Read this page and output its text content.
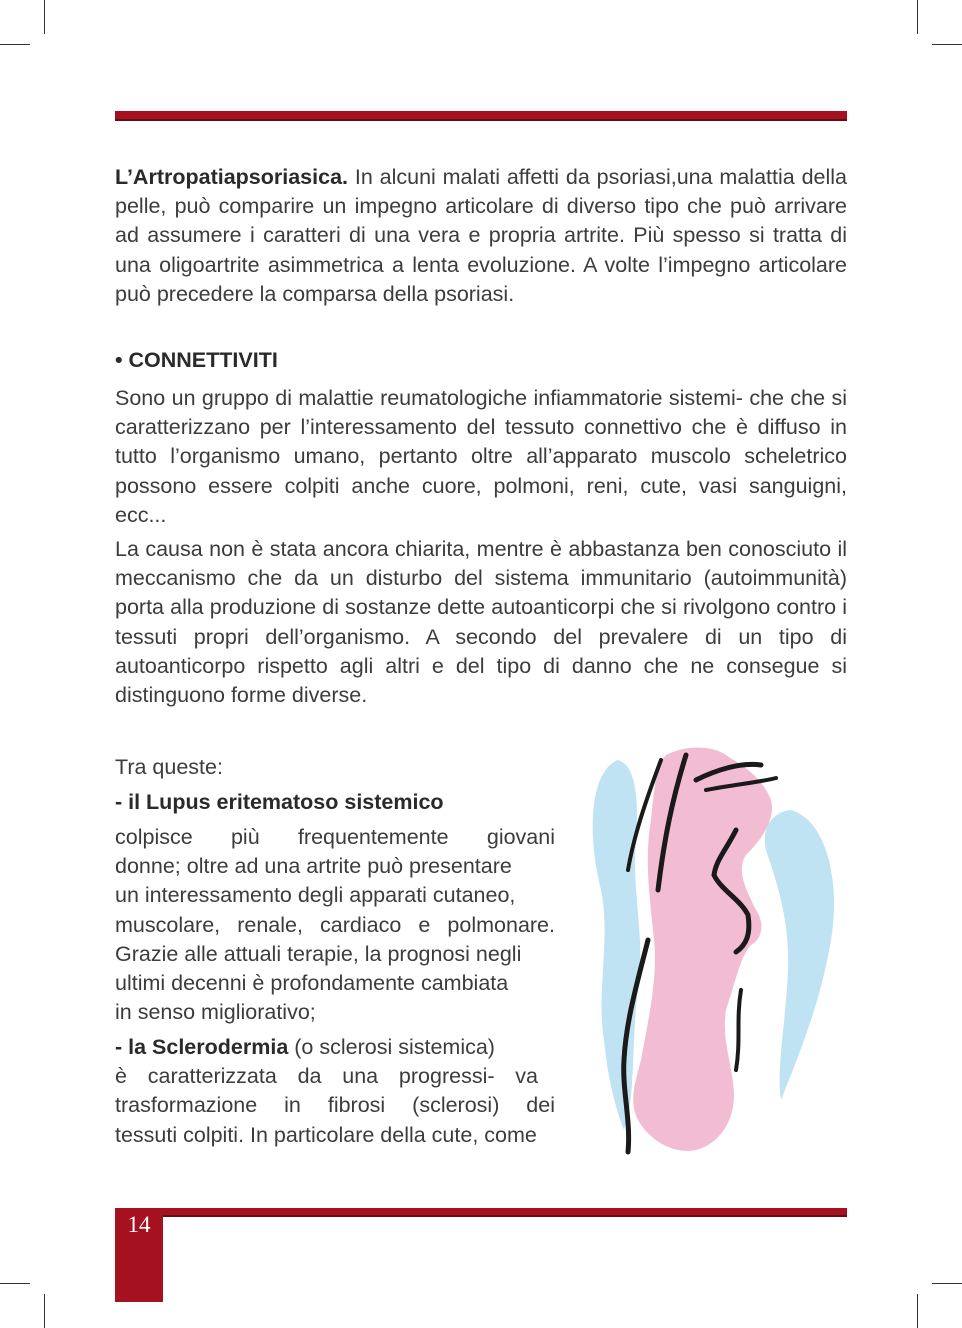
L’Artropatiapsoriasica. In alcuni malati affetti da psoriasi,una malattia della pelle, può comparire un impegno articolare di diverso tipo che può arrivare ad assumere i caratteri di una vera e propria artrite. Più spesso si tratta di una oligoartrite asimmetrica a lenta evoluzione. A volte l’impegno articolare può precedere la comparsa della psoriasi.

• CONNETTIVITI

Sono un gruppo di malattie reumatologiche infiammatorie sistemi- che che si caratterizzano per l’interessamento del tessuto connettivo che è diffuso in tutto l’organismo umano, pertanto oltre all’apparato muscolo scheletrico possono essere colpiti anche cuore, polmoni, reni, cute, vasi sanguigni, ecc...

La causa non è stata ancora chiarita, mentre è abbastanza ben conosciuto il meccanismo che da un disturbo del sistema immunitario (autoimmunità) porta alla produzione di sostanze dette autoanticorpi che si rivolgono contro i tessuti propri dell’organismo. A secondo del prevalere di un tipo di autoanticorpo rispetto agli altri e del tipo di danno che ne consegue si distinguono forme diverse.

Tra queste:
- il Lupus eritematoso sistemico

colpisce più frequentemente giovani

donne; oltre ad una artrite può presentare

un interessamento degli apparati cutaneo,

muscolare, renale, cardiaco e polmonare.

Grazie alle attuali terapie, la prognosi negli

ultimi decenni è profondamente cambiata

in senso migliorativo;

- la Sclerodermia (o sclerosi sistemica)

è caratterizzata da una progressi- va

trasformazione in fibrosi (sclerosi) dei

tessuti colpiti. In particolare della cute, come

14
